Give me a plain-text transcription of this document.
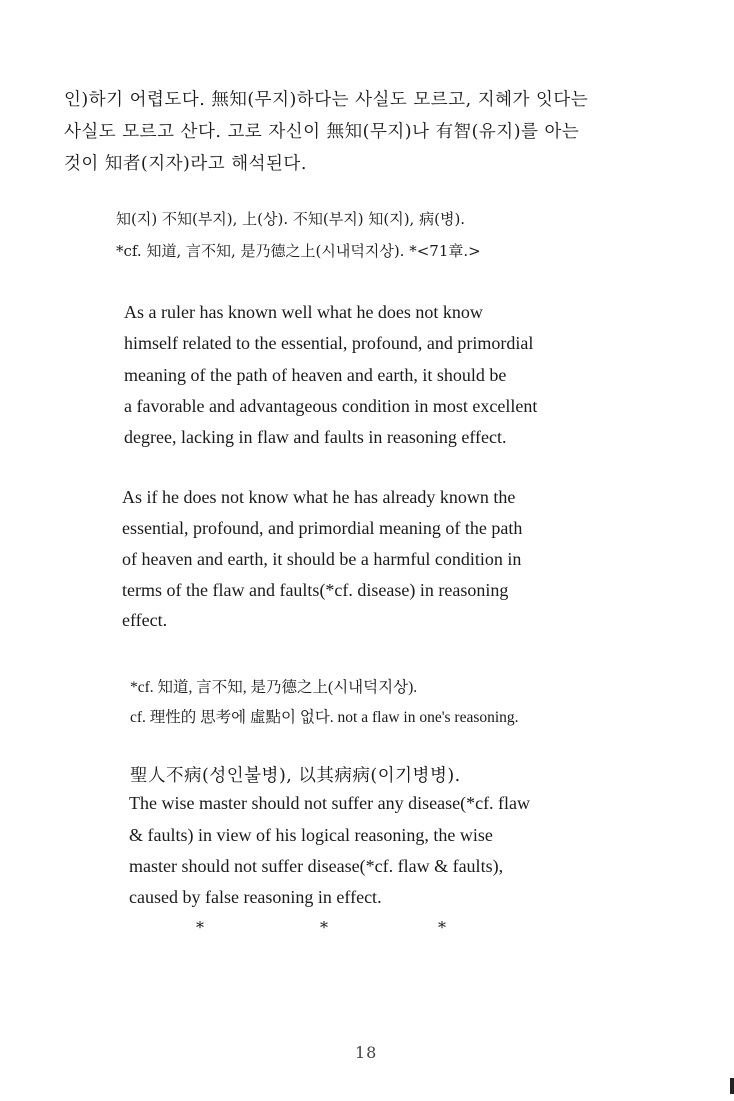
인)하기 어렵도다. 無知(무지)하다는 사실도 모르고, 지혜가 잇다는
사실도 모르고 산다. 고로 자신이 無知(무지)나 有智(유지)를 아는
것이 知者(지자)라고 해석된다.
知(지) 不知(부지), 上(상). 不知(부지) 知(지), 病(병).
*cf. 知道, 言不知, 是乃德之上(시내덕지상). *<71章.>
As a ruler has known well what he does not know
himself related to the essential, profound, and primordial
meaning of the path of heaven and earth, it should be
a favorable and advantageous condition in most excellent
degree, lacking in flaw and faults in reasoning effect.
As if he does not know what he has already known the
essential, profound, and primordial meaning of the path
of heaven and earth, it should be a harmful condition in
terms of the flaw and faults(*cf. disease) in reasoning
effect.
*cf. 知道, 言不知, 是乃德之上(시내덕지상).
cf. 理性的 思考에 虛點이 없다. not a flaw in one's reasoning.
聖人不病(성인불병), 以其病病(이기병병).
The wise master should not suffer any disease(*cf. flaw
& faults) in view of his logical reasoning, the wise
master should not suffer disease(*cf. flaw & faults),
caused by false reasoning in effect.
*	*	*
18
